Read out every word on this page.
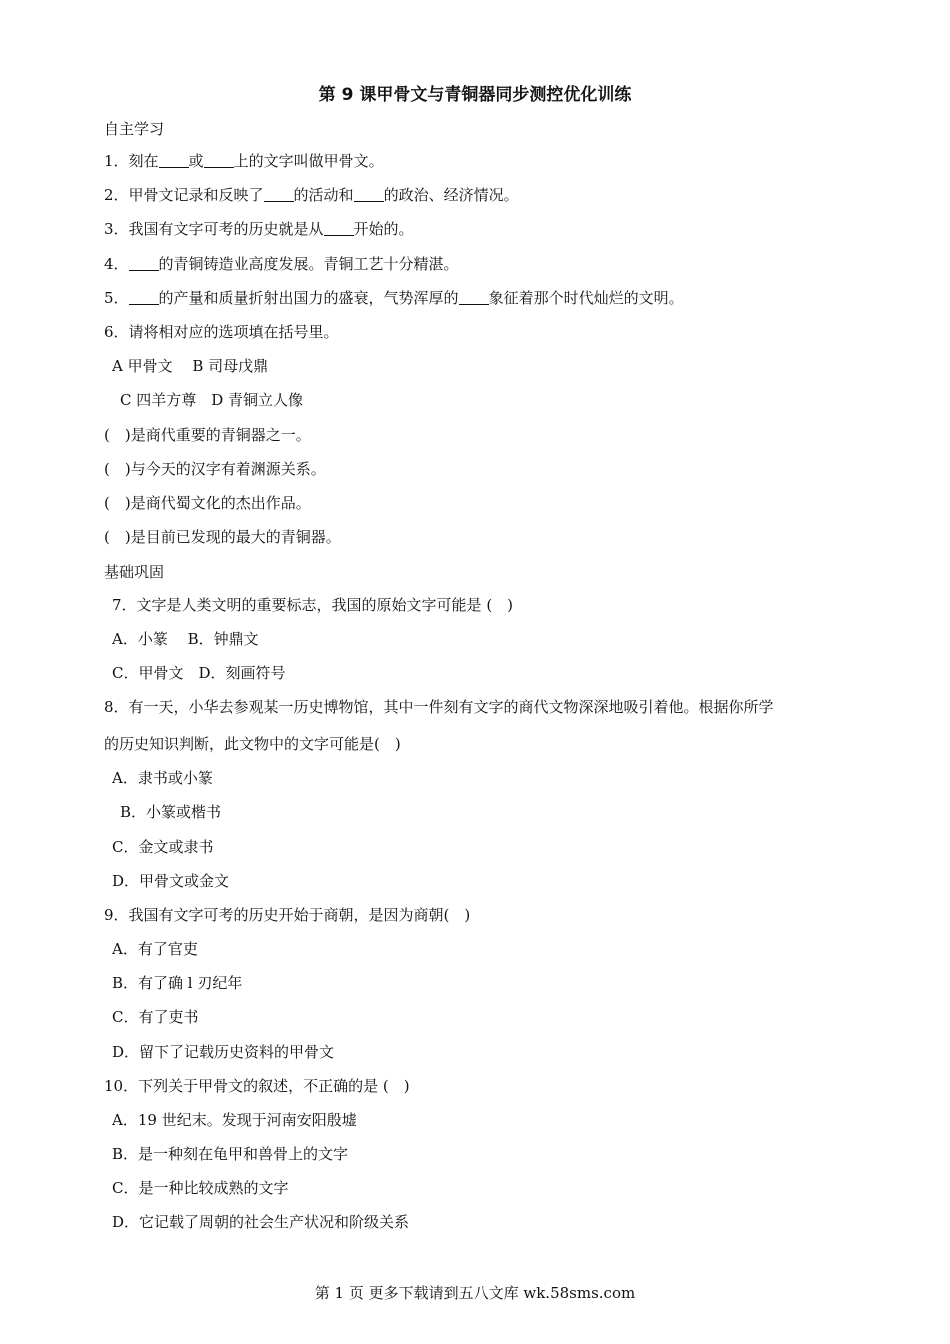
第 9 课甲骨文与青铜器同步测控优化训练
自主学习
1．刻在 或 上的文字叫做甲骨文。
2．甲骨文记录和反映了 的活动和 的政治、经济情况。
3．我国有文字可考的历史就是从 开始的。
4． 的青铜铸造业高度发展。青铜工艺十分精湛。
5． 的产量和质量折射出国力的盛衰，气势浑厚的 象征着那个时代灿烂的文明。
6．请将相对应的选项填在括号里。
A 甲骨文　 B 司母戊鼎
C 四羊方尊　D 青铜立人像
(　)是商代重要的青铜器之一。
(　)与今天的汉字有着渊源关系。
(　)是商代蜀文化的杰出作品。
(　)是目前已发现的最大的青铜器。
基础巩固
7．文字是人类文明的重要标志，我国的原始文字可能是 (　)
A．小篆　 B．钟鼎文
C．甲骨文　D．刻画符号
8．有一天，小华去参观某一历史博物馆，其中一件刻有文字的商代文物深深地吸引着他。根据你所学
的历史知识判断，此文物中的文字可能是(　)
A．隶书或小篆
B．小篆或楷书
C．金文或隶书
D．甲骨文或金文
9．我国有文字可考的历史开始于商朝，是因为商朝(　)
A．有了官吏
B．有了确 l 刃纪年
C．有了吏书
D．留下了记载历史资料的甲骨文
10．下列关于甲骨文的叙述，不正确的是 (　)
A．19 世纪末。发现于河南安阳殷墟
B．是一种刻在龟甲和兽骨上的文字
C．是一种比较成熟的文字
D．它记载了周朝的社会生产状况和阶级关系
第 1 页 更多下载请到五八文库 wk.58sms.com
